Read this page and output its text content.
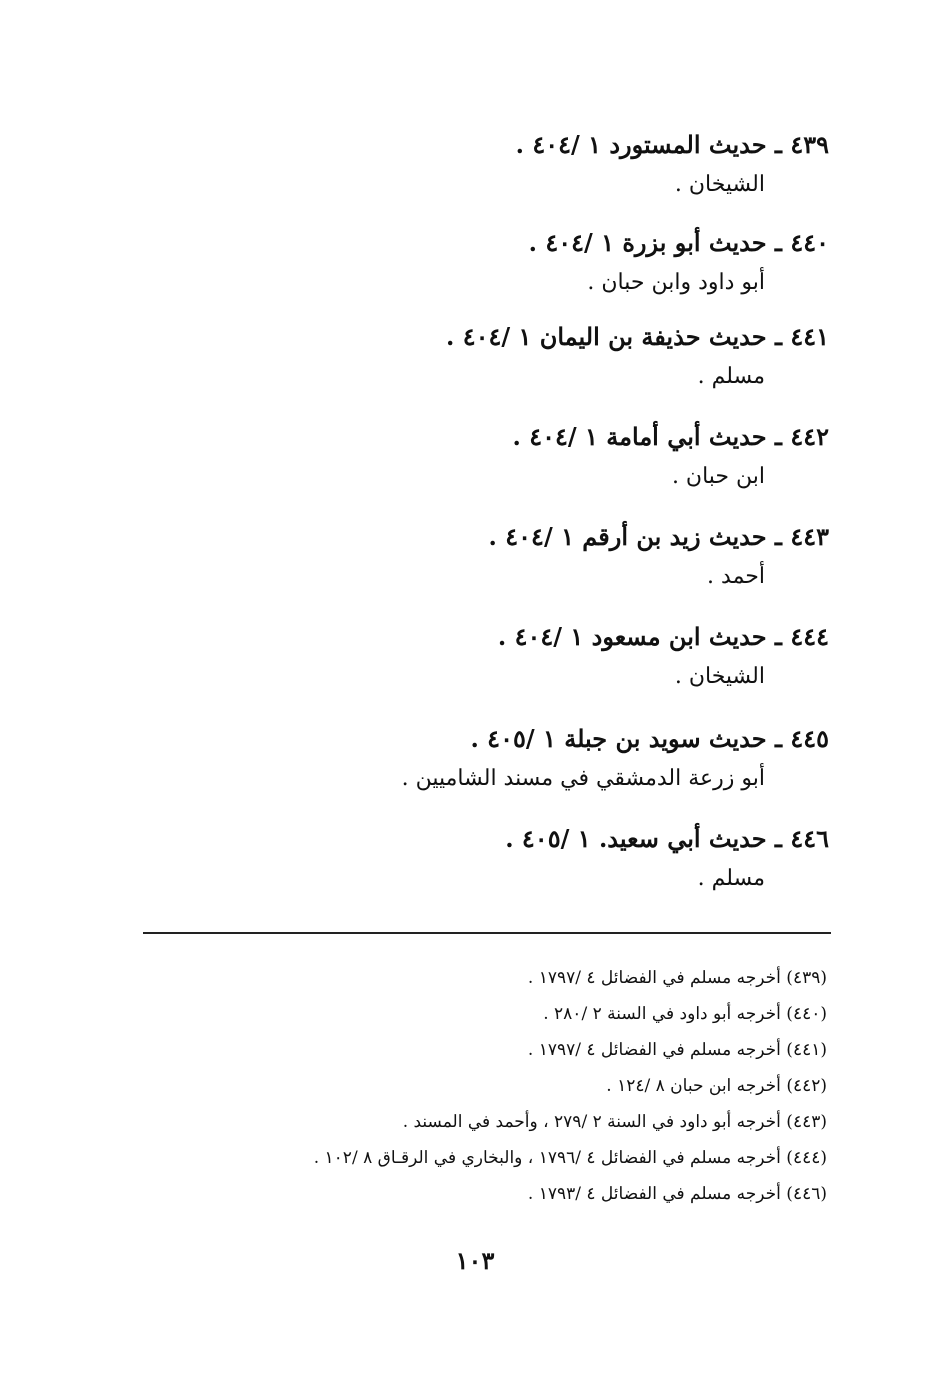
٤٣٩ ـ حديث المستورد ١ /٤٠٤ .
الشيخان .
٤٤٠ ـ حديث أبو بزرة ١ /٤٠٤ .
أبو داود وابن حبان .
٤٤١ ـ حديث حذيفة بن اليمان ١ /٤٠٤ .
مسلم .
٤٤٢ ـ حديث أبي أمامة ١ /٤٠٤ .
ابن حبان .
٤٤٣ ـ حديث زيد بن أرقم ١ /٤٠٤ .
أحمد .
٤٤٤ ـ حديث ابن مسعود ١ /٤٠٤ .
الشيخان .
٤٤٥ ـ حديث سويد بن جبلة ١ /٤٠٥ .
أبو زرعة الدمشقي في مسند الشاميين .
٤٤٦ ـ حديث أبي سعيد. ١ /٤٠٥ .
مسلم .
(٤٣٩) أخرجه مسلم في الفضائل ٤ /١٧٩٧ .
(٤٤٠) أخرجه أبو داود في السنة ٢ /٢٨٠ .
(٤٤١) أخرجه مسلم في الفضائل ٤ /١٧٩٧ .
(٤٤٢) أخرجه ابن حبان ٨ /١٢٤ .
(٤٤٣) أخرجه أبو داود في السنة ٢ /٢٧٩ ، وأحمد في المسند .
(٤٤٤) أخرجه مسلم في الفضائل ٤ /١٧٩٦ ، والبخاري في الرقـاق ٨ /١٠٢ .
(٤٤٦) أخرجه مسلم في الفضائل ٤ /١٧٩٣ .
١٠٣
